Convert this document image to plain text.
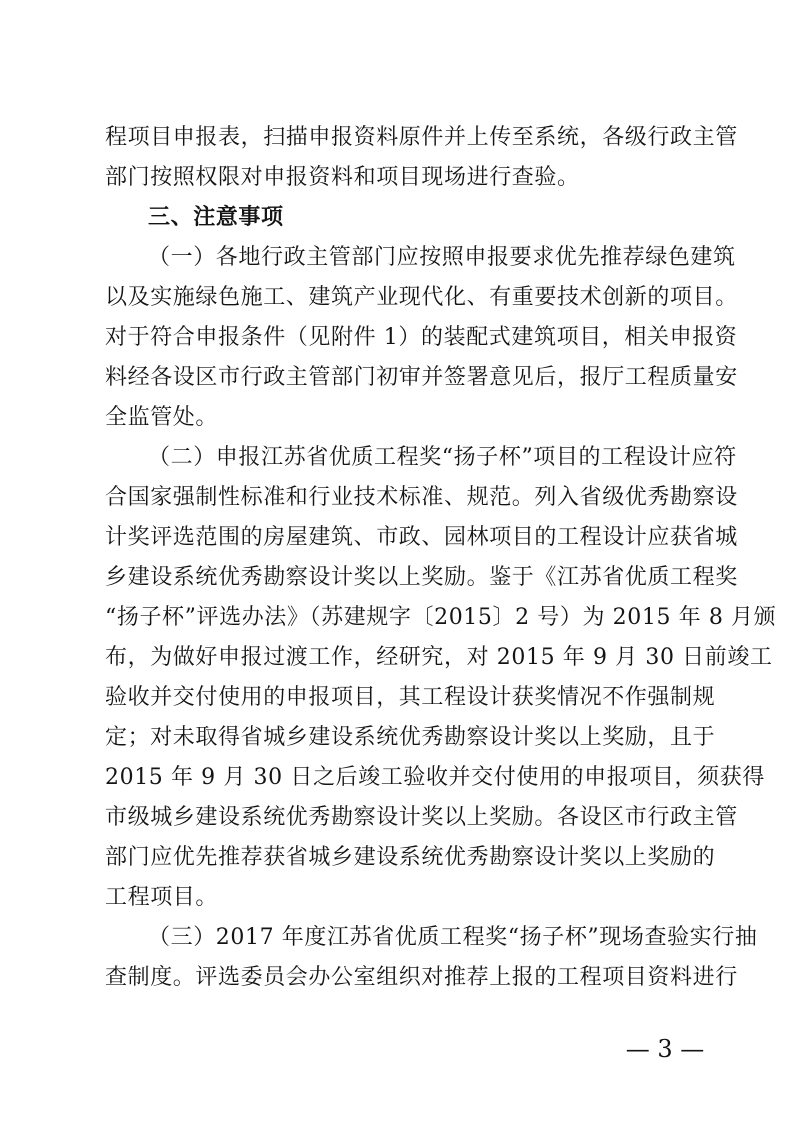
程项目申报表，扫描申报资料原件并上传至系统，各级行政主管
部门按照权限对申报资料和项目现场进行查验。
三、注意事项
（一）各地行政主管部门应按照申报要求优先推荐绿色建筑
以及实施绿色施工、建筑产业现代化、有重要技术创新的项目。
对于符合申报条件（见附件 1）的装配式建筑项目，相关申报资
料经各设区市行政主管部门初审并签署意见后，报厅工程质量安
全监管处。
（二）申报江苏省优质工程奖“扬子杯”项目的工程设计应符
合国家强制性标准和行业技术标准、规范。列入省级优秀勘察设
计奖评选范围的房屋建筑、市政、园林项目的工程设计应获省城
乡建设系统优秀勘察设计奖以上奖励。鉴于《江苏省优质工程奖
“扬子杯”评选办法》（苏建规字〔2015〕2 号）为 2015 年 8 月颁
布，为做好申报过渡工作，经研究，对 2015 年 9 月 30 日前竣工
验收并交付使用的申报项目，其工程设计获奖情况不作强制规
定；对未取得省城乡建设系统优秀勘察设计奖以上奖励，且于
2015 年 9 月 30 日之后竣工验收并交付使用的申报项目，须获得
市级城乡建设系统优秀勘察设计奖以上奖励。各设区市行政主管
部门应优先推荐获省城乡建设系统优秀勘察设计奖以上奖励的
工程项目。
（三）2017 年度江苏省优质工程奖“扬子杯”现场查验实行抽
查制度。评选委员会办公室组织对推荐上报的工程项目资料进行
— 3 —
